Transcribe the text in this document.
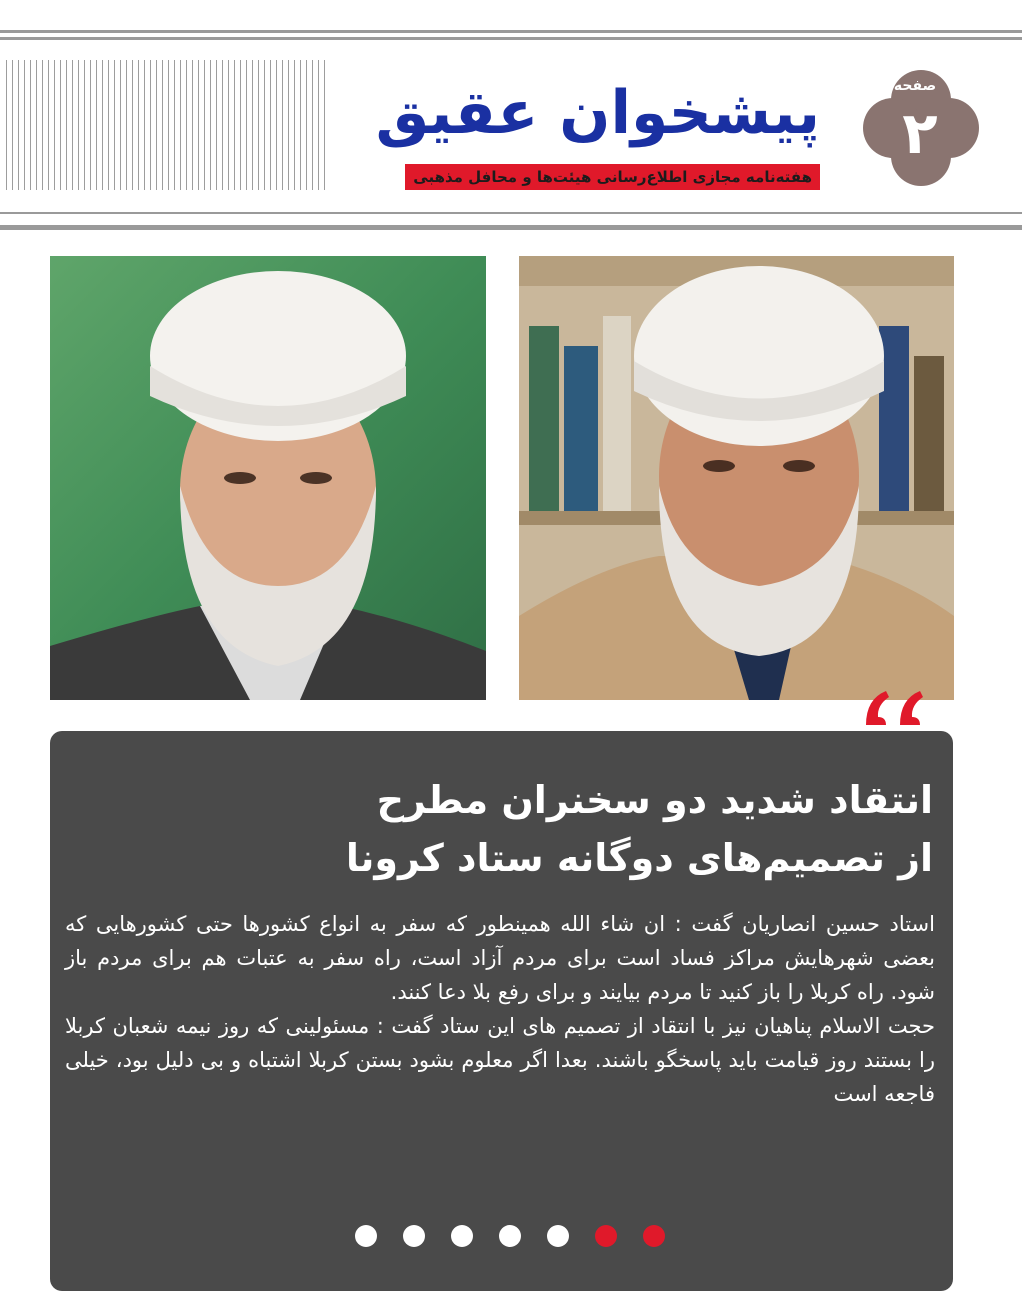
پیشخوان عقیق
هفته‌نامه مجازی اطلاع‌رسانی هیئت‌ها و محافل مذهبی
صفحه
۲
انتقاد شدید دو سخنران مطرح
از تصمیم‌های دوگانه ستاد کرونا

استاد حسین انصاریان گفت : ان شاء الله همینطور که سفر به انواع کشورها حتی کشورهایی که بعضی شهرهایش مراکز فساد است برای مردم آزاد است، راه سفر به عتبات هم برای مردم باز شود. راه کربلا را باز کنید تا مردم بیایند و برای رفع بلا دعا کنند.

حجت الاسلام پناهیان نیز با انتقاد از تصمیم های این ستاد گفت : مسئولینی که روز نیمه شعبان کربلا را بستند روز قیامت باید پاسخگو باشند. بعدا اگر معلوم بشود بستن کربلا اشتباه و بی دلیل بود، خیلی فاجعه است
